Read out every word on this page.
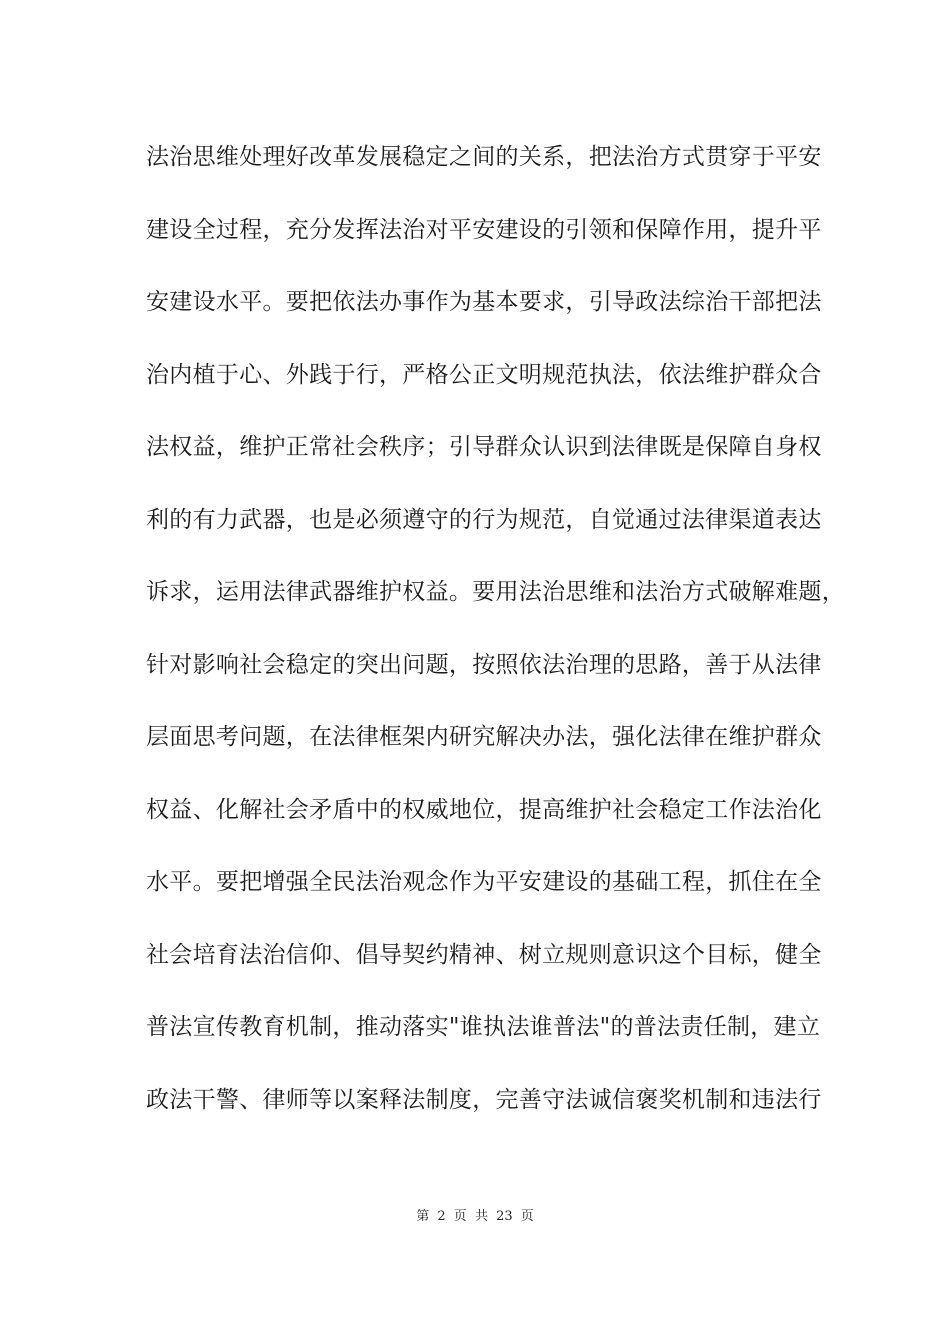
法治思维处理好改革发展稳定之间的关系，把法治方式贯穿于平安
建设全过程，充分发挥法治对平安建设的引领和保障作用，提升平
安建设水平。要把依法办事作为基本要求，引导政法综治干部把法
治内植于心、外践于行，严格公正文明规范执法，依法维护群众合
法权益，维护正常社会秩序；引导群众认识到法律既是保障自身权
利的有力武器，也是必须遵守的行为规范，自觉通过法律渠道表达
诉求，运用法律武器维护权益。要用法治思维和法治方式破解难题，
针对影响社会稳定的突出问题，按照依法治理的思路，善于从法律
层面思考问题，在法律框架内研究解决办法，强化法律在维护群众
权益、化解社会矛盾中的权威地位，提高维护社会稳定工作法治化
水平。要把增强全民法治观念作为平安建设的基础工程，抓住在全
社会培育法治信仰、倡导契约精神、树立规则意识这个目标，健全
普法宣传教育机制，推动落实"谁执法谁普法"的普法责任制，建立
政法干警、律师等以案释法制度，完善守法诚信褒奖机制和违法行
第 2 页 共 23 页
